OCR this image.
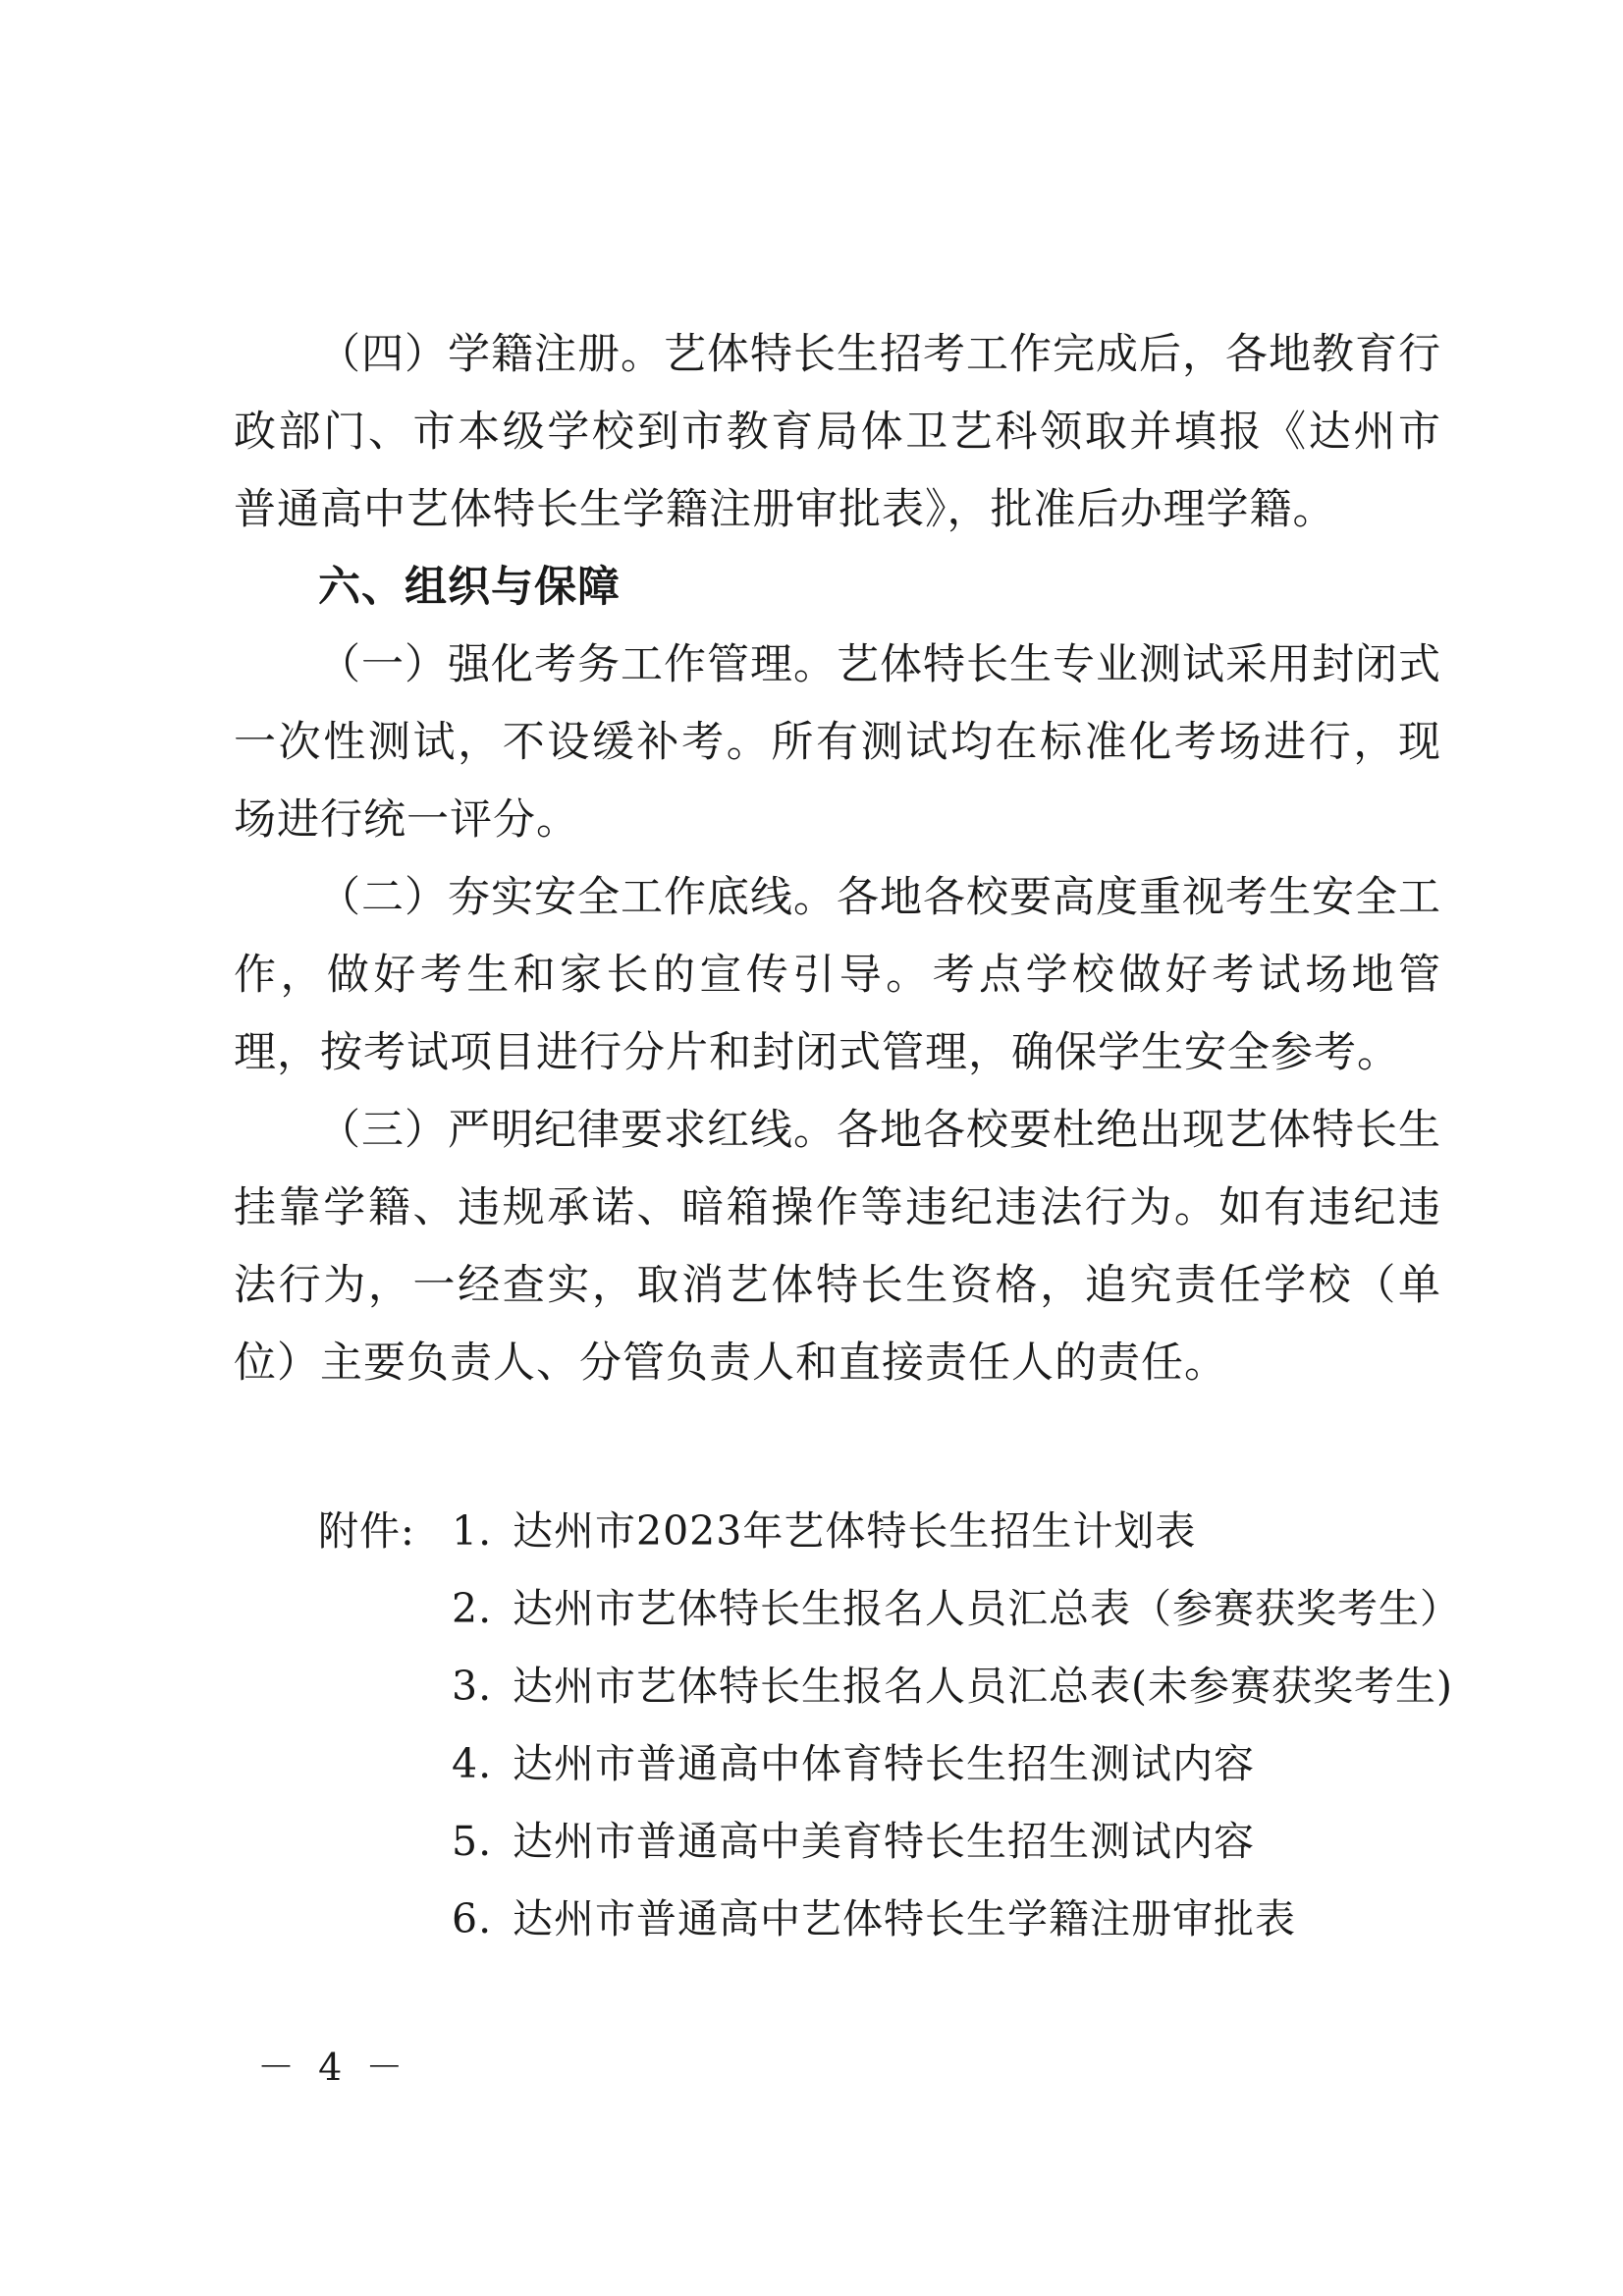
（四）学籍注册。艺体特长生招考工作完成后，各地教育行政部门、市本级学校到市教育局体卫艺科领取并填报《达州市普通高中艺体特长生学籍注册审批表》，批准后办理学籍。

六、组织与保障

（一）强化考务工作管理。艺体特长生专业测试采用封闭式一次性测试，不设缓补考。所有测试均在标准化考场进行，现场进行统一评分。

（二）夯实安全工作底线。各地各校要高度重视考生安全工作，做好考生和家长的宣传引导。考点学校做好考试场地管理，按考试项目进行分片和封闭式管理，确保学生安全参考。

（三）严明纪律要求红线。各地各校要杜绝出现艺体特长生挂靠学籍、违规承诺、暗箱操作等违纪违法行为。如有违纪违法行为，一经查实，取消艺体特长生资格，追究责任学校（单位）主要负责人、分管负责人和直接责任人的责任。

附件: 1. 达州市2023年艺体特长生招生计划表
2. 达州市艺体特长生报名人员汇总表（参赛获奖考生）
3. 达州市艺体特长生报名人员汇总表(未参赛获奖考生)
4. 达州市普通高中体育特长生招生测试内容
5. 达州市普通高中美育特长生招生测试内容
6. 达州市普通高中艺体特长生学籍注册审批表
－ 4 －
